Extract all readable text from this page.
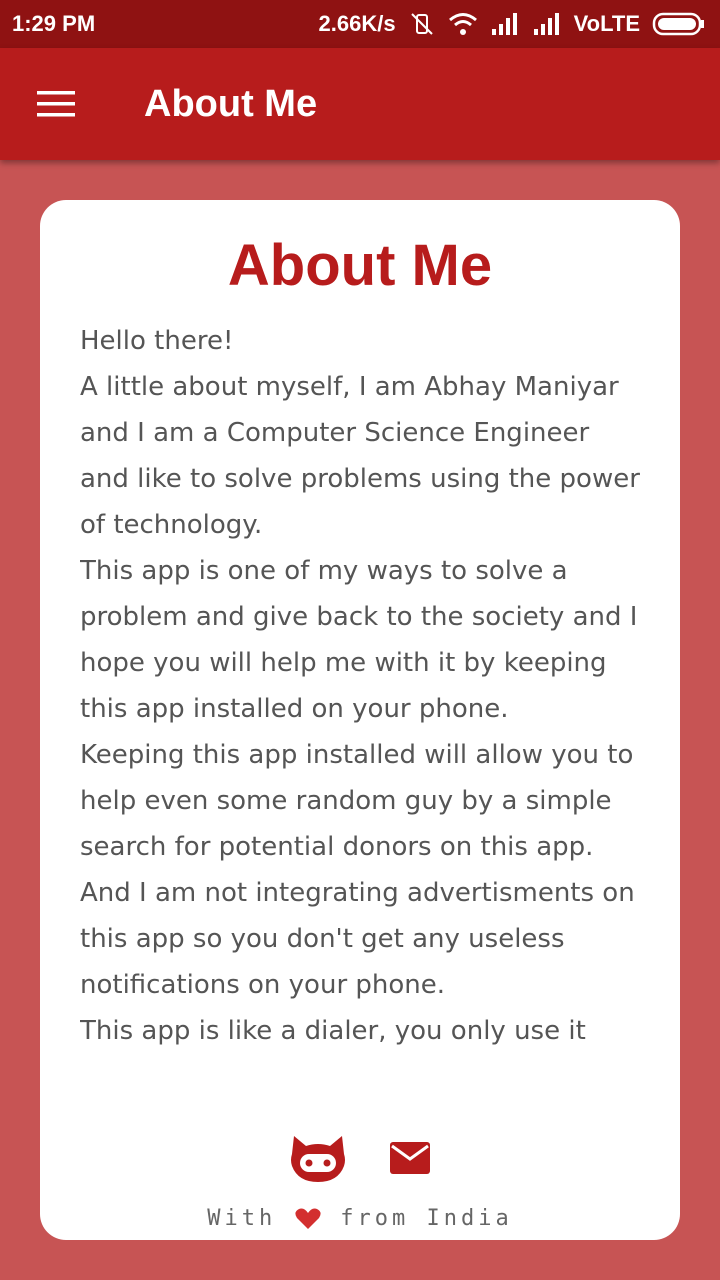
1:29 PM	2.66K/s	VoLTE
About Me
About Me
Hello there!
A little about myself, I am Abhay Maniyar and I am a Computer Science Engineer and like to solve problems using the power of technology.
This app is one of my ways to solve a problem and give back to the society and I hope you will help me with it by keeping this app installed on your phone.
Keeping this app installed will allow you to help even some random guy by a simple search for potential donors on this app.
And I am not integrating advertisments on this app so you don't get any useless notifications on your phone.
This app is like a dialer, you only use it
With	from India
